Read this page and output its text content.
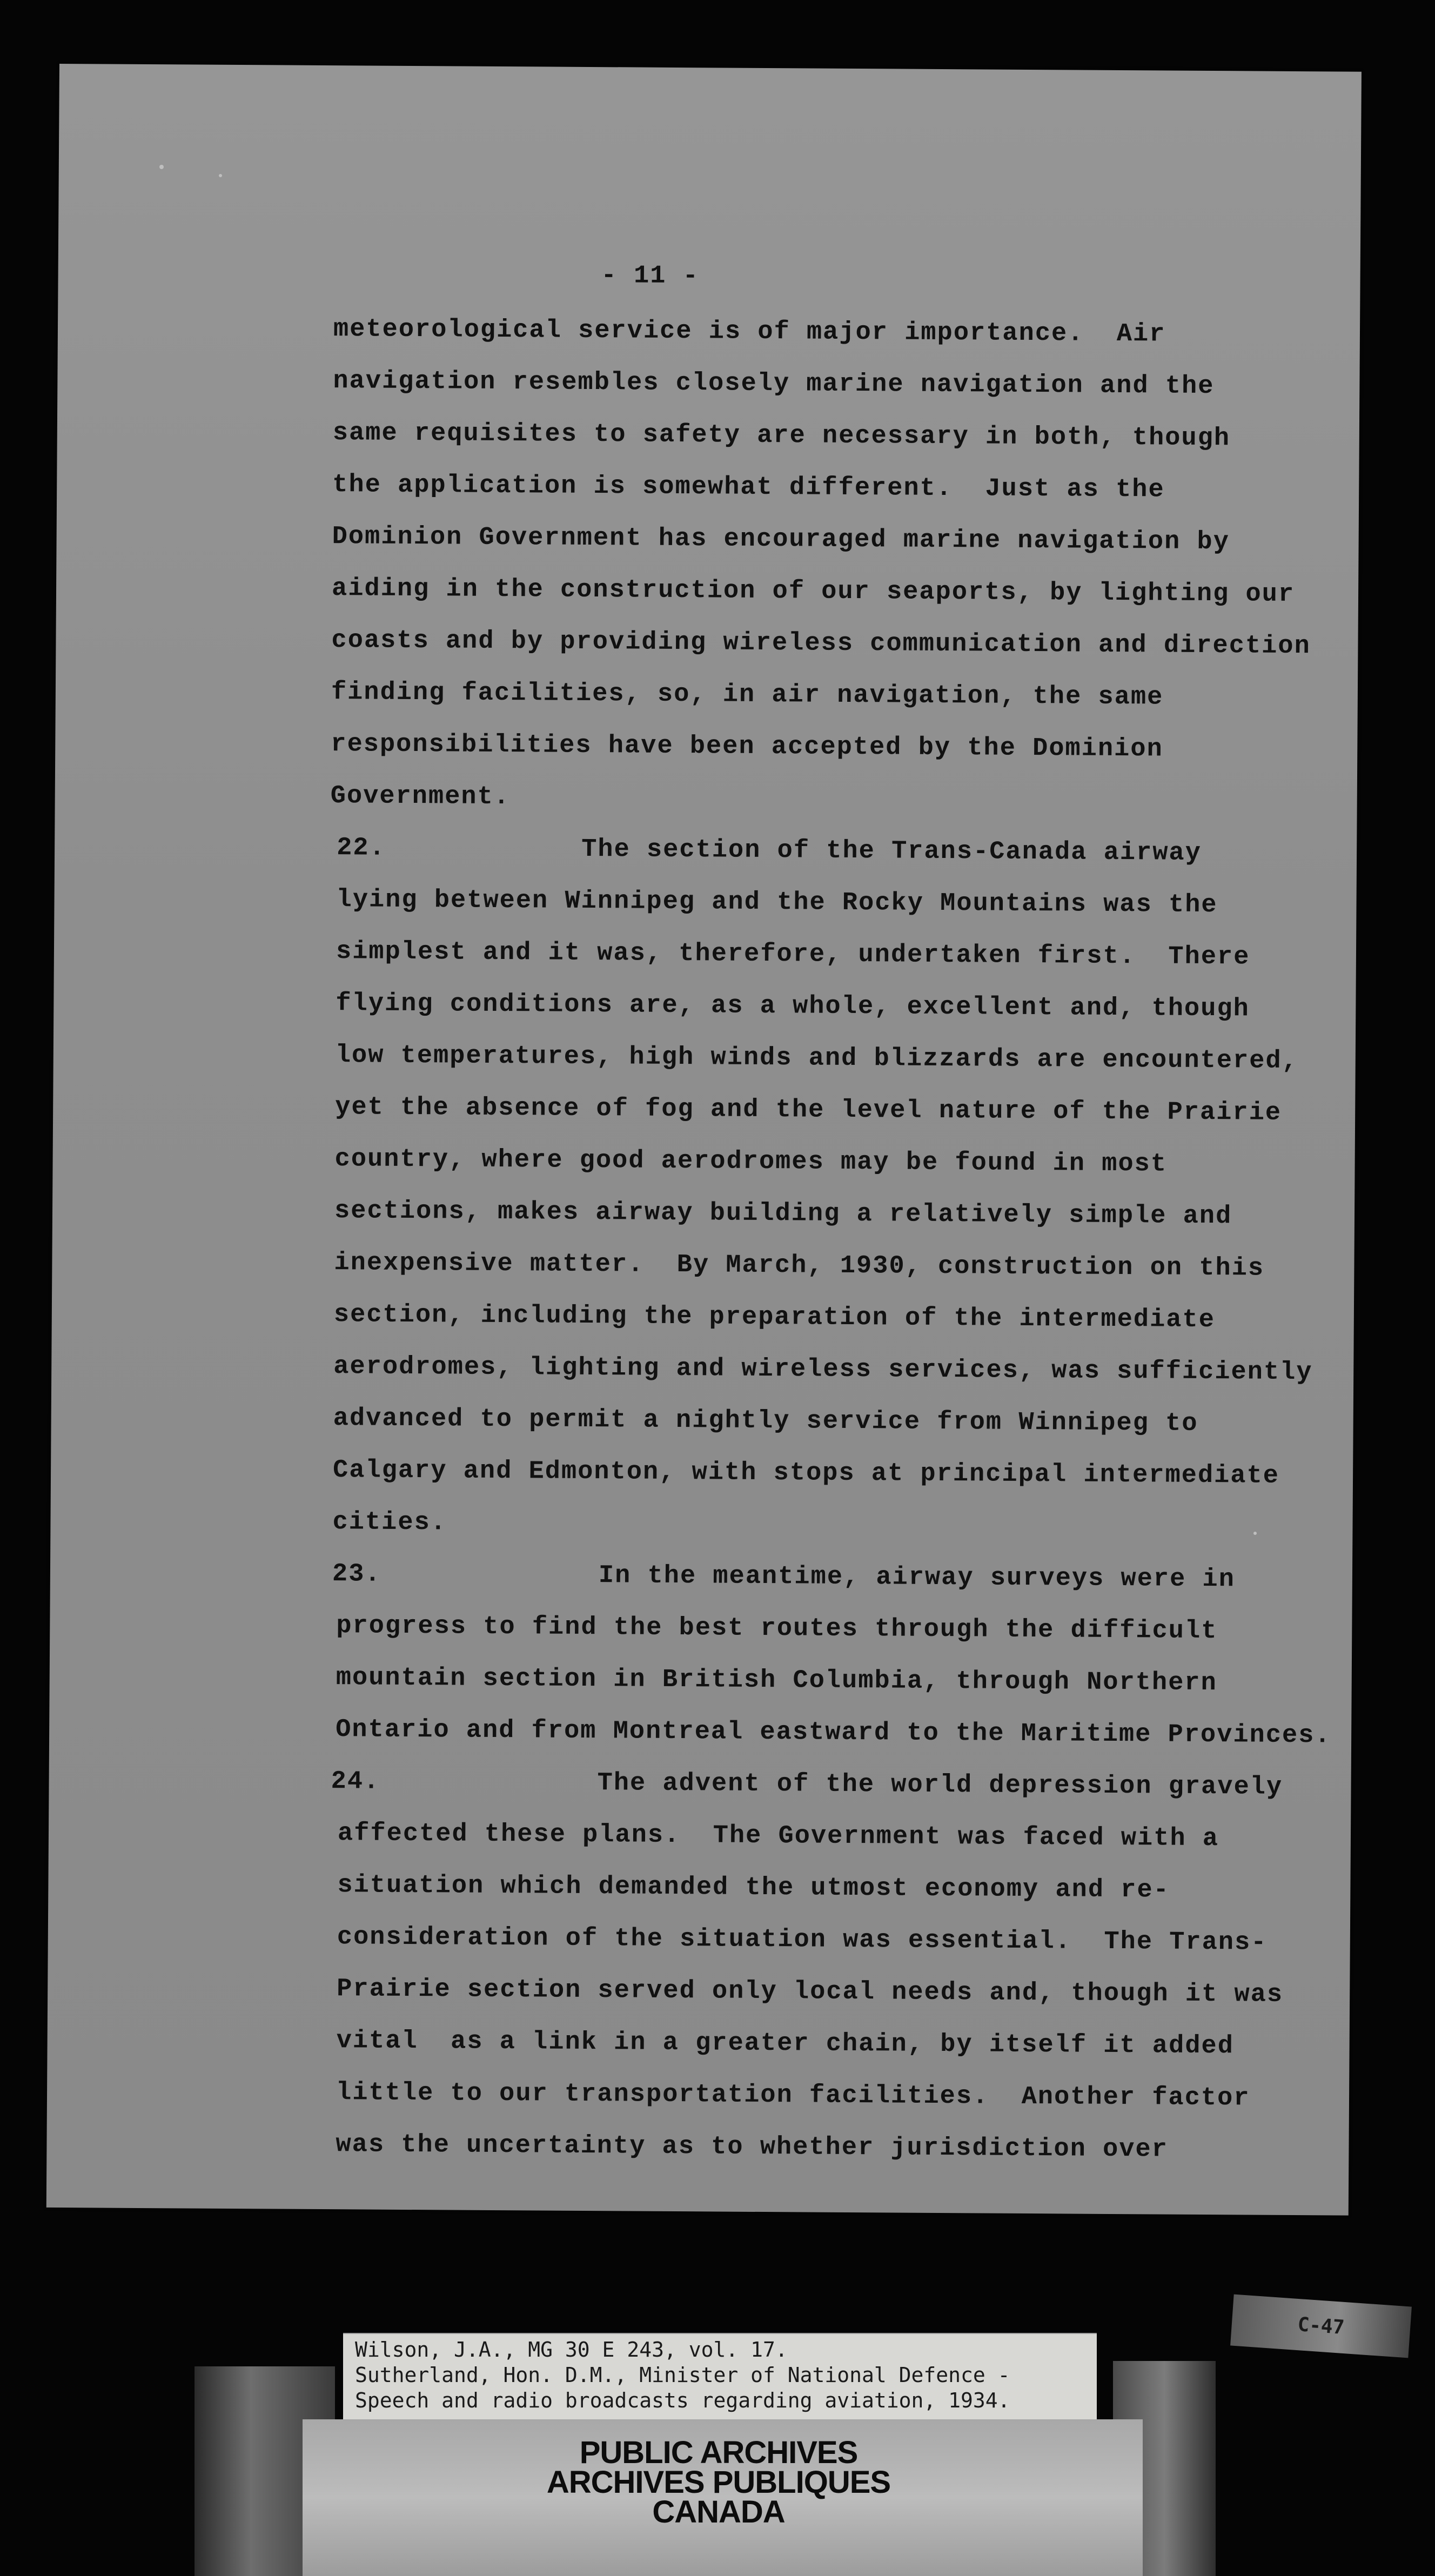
- 11 -
meteorological service is of major importance.  Air
navigation resembles closely marine navigation and the
same requisites to safety are necessary in both, though
the application is somewhat different.  Just as the
Dominion Government has encouraged marine navigation by
aiding in the construction of our seaports, by lighting our
coasts and by providing wireless communication and direction
finding facilities, so, in air navigation, the same
responsibilities have been accepted by the Dominion
Government.
22.	The section of the Trans-Canada airway
lying between Winnipeg and the Rocky Mountains was the
simplest and it was, therefore, undertaken first.  There
flying conditions are, as a whole, excellent and, though
low temperatures, high winds and blizzards are encountered,
yet the absence of fog and the level nature of the Prairie
country, where good aerodromes may be found in most
sections, makes airway building a relatively simple and
inexpensive matter.  By March, 1930, construction on this
section, including the preparation of the intermediate
aerodromes, lighting and wireless services, was sufficiently
advanced to permit a nightly service from Winnipeg to
Calgary and Edmonton, with stops at principal intermediate
cities.
23.	In the meantime, airway surveys were in
progress to find the best routes through the difficult
mountain section in British Columbia, through Northern
Ontario and from Montreal eastward to the Maritime Provinces.
24.	The advent of the world depression gravely
affected these plans.  The Government was faced with a
situation which demanded the utmost economy and re-
consideration of the situation was essential.  The Trans-
Prairie section served only local needs and, though it was
vital  as a link in a greater chain, by itself it added
little to our transportation facilities.  Another factor
was the uncertainty as to whether jurisdiction over
Wilson, J.A., MG 30 E 243, vol. 17.
Sutherland, Hon. D.M., Minister of National Defence -
Speech and radio broadcasts regarding aviation, 1934.
PUBLIC ARCHIVES
ARCHIVES PUBLIQUES
CANADA
C-47
